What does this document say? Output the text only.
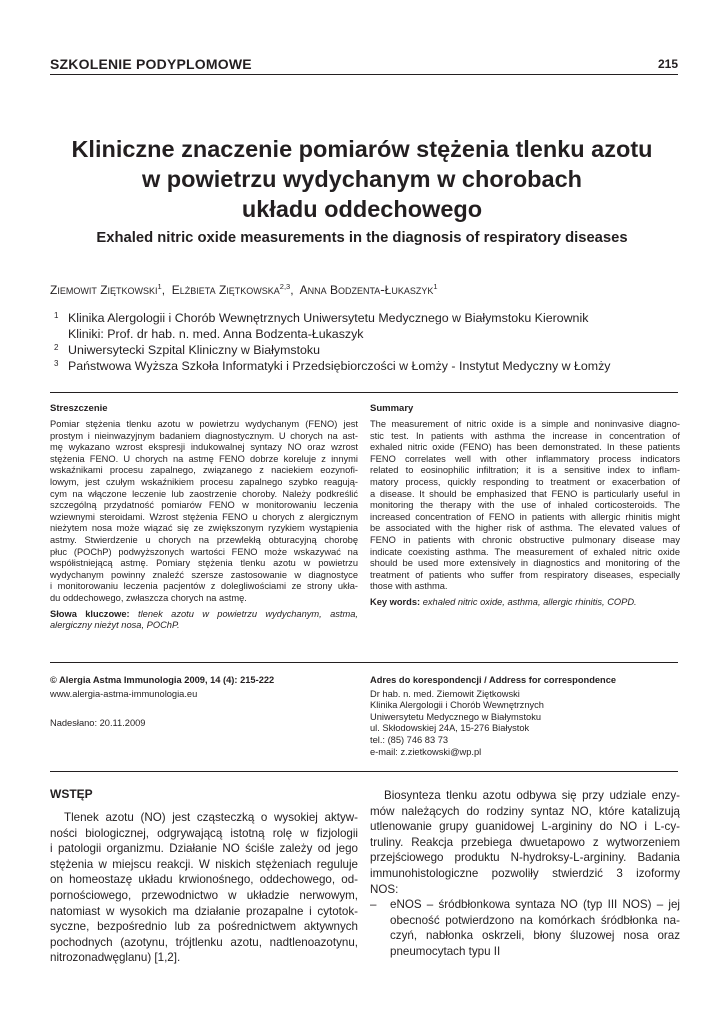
SZKOLENIE PODYPLOMOWE	215
Kliniczne znaczenie pomiarów stężenia tlenku azotu
w powietrzu wydychanym w chorobach
układu oddechowego
Exhaled nitric oxide measurements in the diagnosis of respiratory diseases
Ziemowit Ziętkowski$^1$,  Elżbieta Ziętkowska$^{2,3}$,  Anna Bodzenta-Łukaszyk$^1$
1 Klinika Alergologii i Chorób Wewnętrznych Uniwersytetu Medycznego w Białymstoku Kierownik
Kliniki: Prof. dr hab. n. med. Anna Bodzenta-Łukaszyk
2 Uniwersytecki Szpital Kliniczny w Białymstoku
3 Państwowa Wyższa Szkoła Informatyki i Przedsiębiorczości w Łomży - Instytut Medyczny w Łomży
Streszczenie
Pomiar stężenia tlenku azotu w powietrzu wydychanym (FENO) jest
prostym i nieinwazyjnym badaniem diagnostycznym. U chorych na ast-
mę wykazano wzrost ekspresji indukowalnej syntazy NO oraz wzrost
stężenia FENO. U chorych na astmę FENO dobrze koreluje z innymi
wskaźnikami procesu zapalnego, związanego z naciekiem eozynofi-
lowym, jest czułym wskaźnikiem procesu zapalnego szybko reagują-
cym na włączone leczenie lub zaostrzenie choroby. Należy podkreślić
szczególną przydatność pomiarów FENO w monitorowaniu leczenia
wziewnymi steroidami. Wzrost stężenia FENO u chorych z alergicznym
nieżytem nosa może wiązać się ze zwiększonym ryzykiem wystąpienia
astmy. Stwierdzenie u chorych na przewlekłą obturacyjną chorobę
płuc (POChP) podwyższonych wartości FENO może wskazywać na
współistniejącą astmę. Pomiary stężenia tlenku azotu w powietrzu
wydychanym powinny znaleźć szersze zastosowanie w diagnostyce
i monitorowaniu leczenia pacjentów z dolegliwościami ze strony ukła-
du oddechowego, zwłaszcza chorych na astmę.
Słowa kluczowe: tlenek azotu w powietrzu wydychanym, astma,
alergiczny nieżyt nosa, POChP.
Summary
The measurement of nitric oxide is a simple and noninvasive diagno-
stic test. In patients with asthma the increase in concentration of
exhaled nitric oxide (FENO) has been demonstrated. In these patients
FENO correlates well with other inflammatory process indicators
related to eosinophilic infiltration; it is a sensitive index to inflam-
matory process, quickly responding to treatment or exacerbation of
a disease. It should be emphasized that FENO is particularly useful in
monitoring the therapy with the use of inhaled corticosteroids. The
increased concentration of FENO in patients with allergic rhinitis might
be associated with the higher risk of asthma. The elevated values of
FENO in patients with chronic obstructive pulmonary disease may
indicate coexisting asthma. The measurement of exhaled nitric oxide
should be used more extensively in diagnostics and monitoring of the
treatment of patients who suffer from respiratory diseases, especially
those with asthma.
Key words: exhaled nitric oxide, asthma, allergic rhinitis, COPD.
© Alergia Astma Immunologia 2009, 14 (4): 215-222
www.alergia-astma-immunologia.eu
Nadesłano: 20.11.2009
Adres do korespondencji / Address for correspondence
Dr hab. n. med. Ziemowit Ziętkowski
Klinika Alergologii i Chorób Wewnętrznych
Uniwersytetu Medycznego w Białymstoku
ul. Skłodowskiej 24A, 15-276 Białystok
tel.: (85) 746 83 73
e-mail: z.zietkowski@wp.pl
WSTĘP
Tlenek azotu (NO) jest cząsteczką o wysokiej aktyw-
ności biologicznej, odgrywającą istotną rolę w fizjologii
i patologii organizmu. Działanie NO ściśle zależy od jego
stężenia w miejscu reakcji. W niskich stężeniach reguluje
on homeostazę układu krwionośnego, oddechowego, od-
pornościowego, przewodnictwo w układzie nerwowym,
natomiast w wysokich ma działanie prozapalne i cytotok-
syczne, bezpośrednio lub za pośrednictwem aktywnych
pochodnych (azotynu, trójtlenku azotu, nadtlenoazotynu,
nitrozonadwęglanu) [1,2].
Biosynteza tlenku azotu odbywa się przy udziale enzy-
mów należących do rodziny syntaz NO, które katalizują
utlenowanie grupy guanidowej L-argininy do NO i L-cy-
truliny. Reakcja przebiega dwuetapowo z wytworzeniem
przejściowego produktu N-hydroksy-L-argininy. Badania
immunohistologiczne pozwoliły stwierdzić 3 izoformy
NOS:
– eNOS – śródbłonkowa syntaza NO (typ III NOS) – jej
obecność potwierdzono na komórkach śródbłonka na-
czyń, nabłonka oskrzeli, błony śluzowej nosa oraz
pneumocytach typu II
